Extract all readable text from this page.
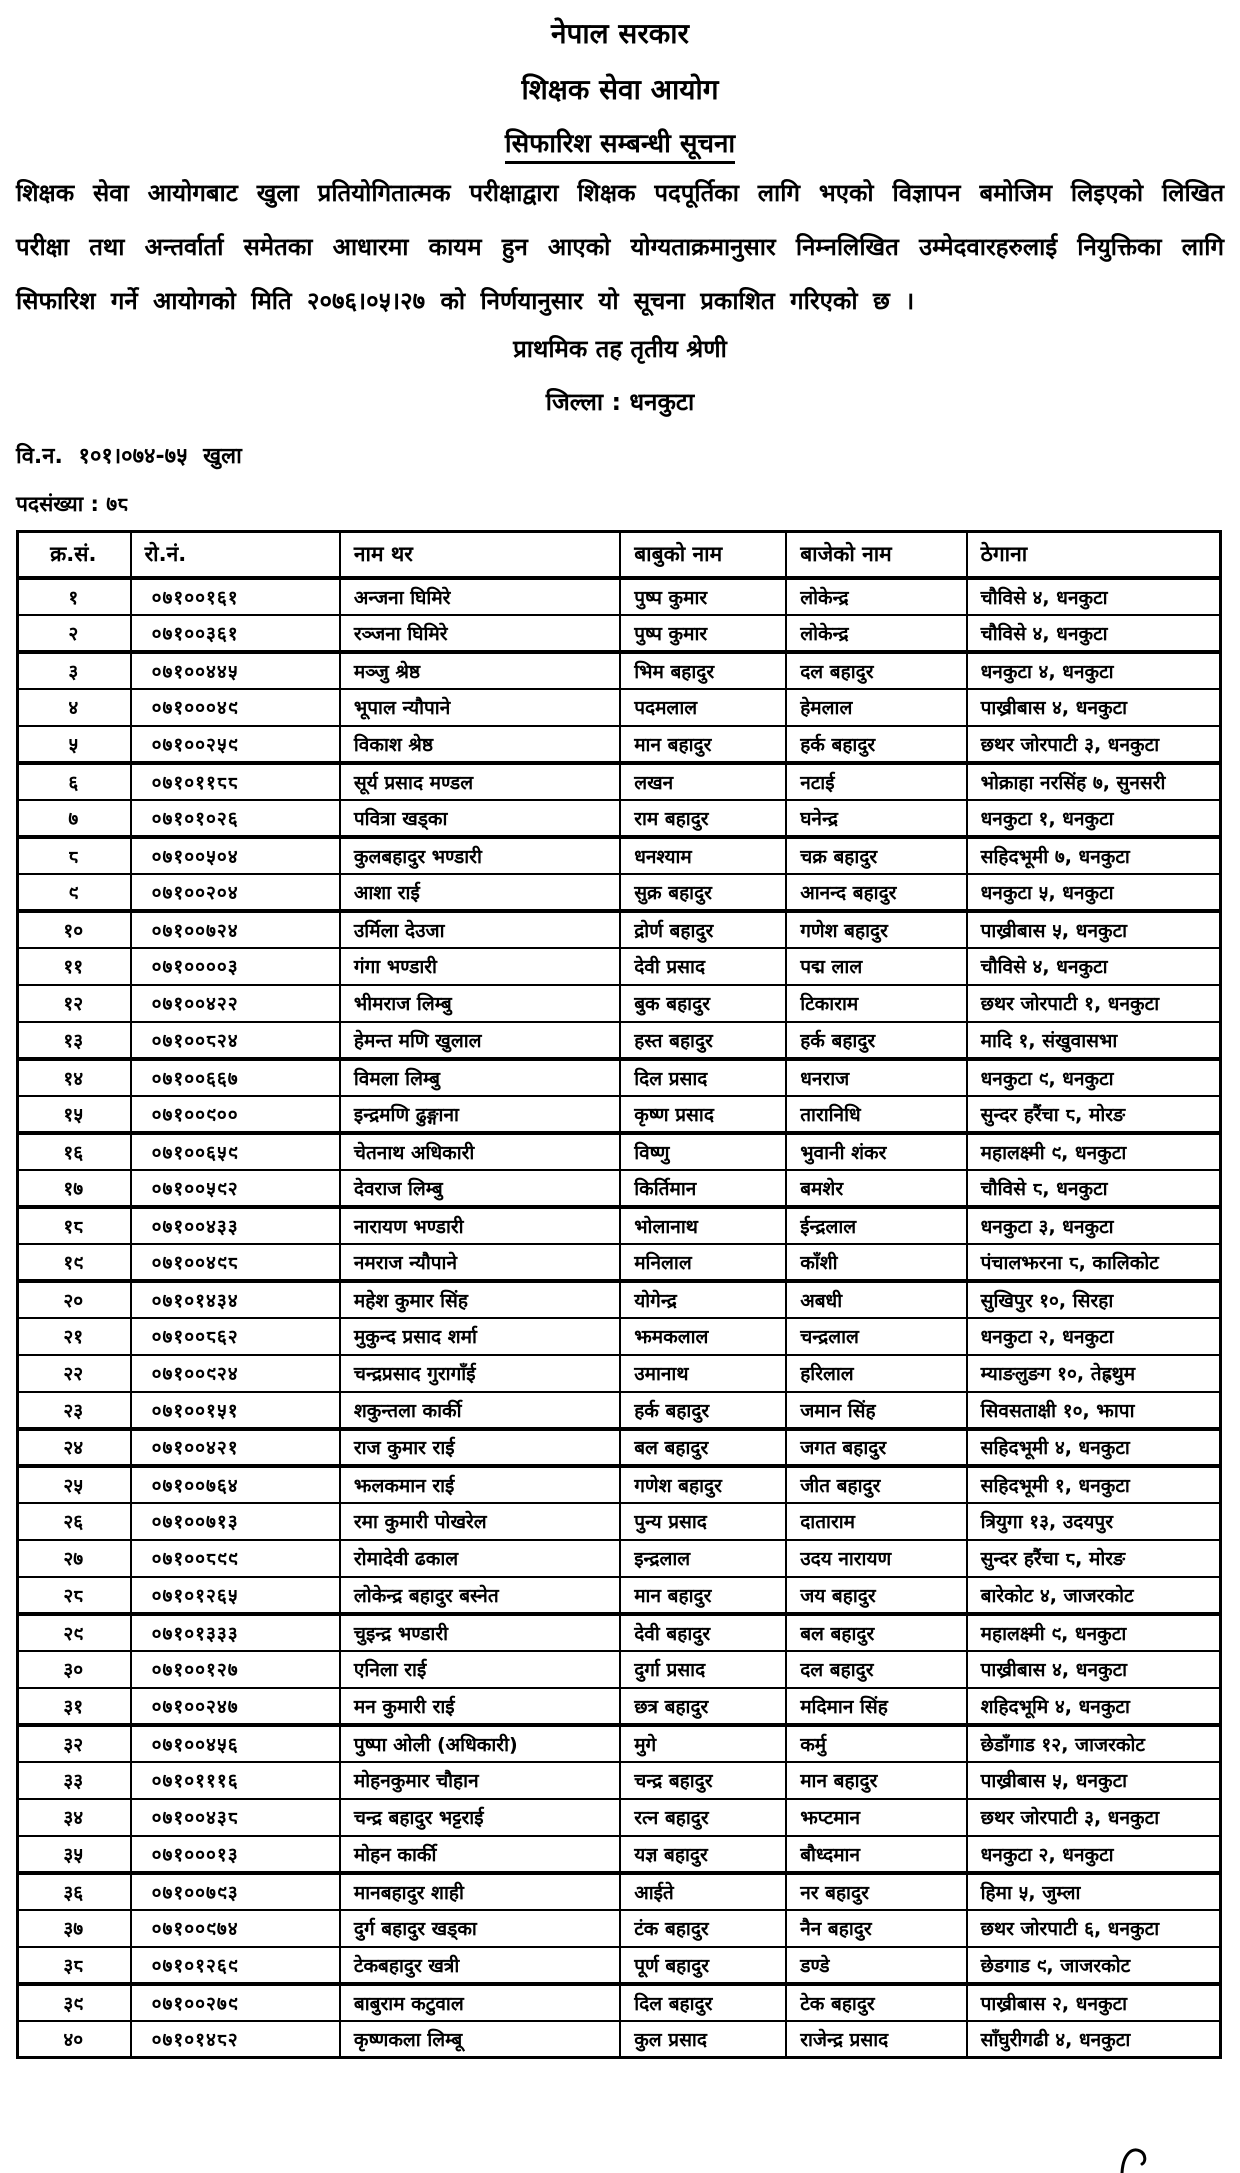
नेपाल सरकार
शिक्षक सेवा आयोग
सिफारिश सम्बन्धी सूचना

शिक्षक सेवा आयोगबाट खुला प्रतियोगितात्मक परीक्षाद्वारा शिक्षक पदपूर्तिका लागि भएको विज्ञापन बमोजिम लिइएको लिखित परीक्षा तथा अन्तर्वार्ता समेतका आधारमा कायम हुन आएको योग्यताक्रमानुसार निम्नलिखित उम्मेदवारहरुलाई नियुक्तिका लागि सिफारिश गर्ने आयोगको मिति २०७६।०५।२७ को निर्णयानुसार यो सूचना प्रकाशित गरिएको छ ।

प्राथमिक तह तृतीय श्रेणी
जिल्ला : धनकुटा
वि.न. १०१।०७४-७५ खुला
पदसंख्या : ७८
क्र.सं.	रो.नं.	नाम थर	बाबुको नाम	बाजेको नाम	ठेगाना
१	०७१००१६१	अन्जना घिमिरे	पुष्प कुमार	लोकेन्द्र	चौविसे ४, धनकुटा
२	०७१००३६१	रञ्जना घिमिरे	पुष्प कुमार	लोकेन्द्र	चौविसे ४, धनकुटा
३	०७१००४४५	मञ्जु श्रेष्ठ	भिम बहादुर	दल बहादुर	धनकुटा ४, धनकुटा
४	०७१०००४९	भूपाल न्यौपाने	पदमलाल	हेमलाल	पाख्रीबास ४, धनकुटा
५	०७१००२५९	विकाश श्रेष्ठ	मान बहादुर	हर्क बहादुर	छथर जोरपाटी ३, धनकुटा
६	०७१०११८८	सूर्य प्रसाद मण्डल	लखन	नटाई	भोक्राहा नरसिंह ७, सुनसरी
७	०७१०१०२६	पवित्रा खड्का	राम बहादुर	घनेन्द्र	धनकुटा १, धनकुटा
८	०७१००५०४	कुलबहादुर भण्डारी	धनश्याम	चक्र बहादुर	सहिदभूमी ७, धनकुटा
९	०७१००२०४	आशा राई	सुक्र बहादुर	आनन्द बहादुर	धनकुटा ५, धनकुटा
१०	०७१००७२४	उर्मिला देउजा	द्रोर्ण बहादुर	गणेश बहादुर	पाख्रीबास ५, धनकुटा
११	०७१००००३	गंगा भण्डारी	देवी प्रसाद	पद्म लाल	चौविसे ४, धनकुटा
१२	०७१००४२२	भीमराज लिम्बु	बुक बहादुर	टिकाराम	छथर जोरपाटी १, धनकुटा
१३	०७१००८२४	हेमन्त मणि खुलाल	हस्त बहादुर	हर्क बहादुर	मादि १, संखुवासभा
१४	०७१००६६७	विमला लिम्बु	दिल प्रसाद	धनराज	धनकुटा ९, धनकुटा
१५	०७१००९००	इन्द्रमणि ढुङ्गाना	कृष्ण प्रसाद	तारानिधि	सुन्दर हरैंचा ८, मोरङ
१६	०७१००६५९	चेतनाथ अधिकारी	विष्णु	भुवानी शंकर	महालक्ष्मी ९, धनकुटा
१७	०७१००५९२	देवराज लिम्बु	किर्तिमान	बमशेर	चौविसे ८, धनकुटा
१८	०७१००४३३	नारायण भण्डारी	भोलानाथ	ईन्द्रलाल	धनकुटा ३, धनकुटा
१९	०७१००४९८	नमराज न्यौपाने	मनिलाल	काँशी	पंचालझरना ८, कालिकोट
२०	०७१०१४३४	महेश कुमार सिंह	योगेन्द्र	अबधी	सुखिपुर १०, सिरहा
२१	०७१००८६२	मुकुन्द प्रसाद शर्मा	झमकलाल	चन्द्रलाल	धनकुटा २, धनकुटा
२२	०७१००९२४	चन्द्रप्रसाद गुरागाँई	उमानाथ	हरिलाल	म्याङलुङग १०, तेह्रथुम
२३	०७१००१५१	शकुन्तला कार्की	हर्क बहादुर	जमान सिंह	सिवसताक्षी १०, झापा
२४	०७१००४२१	राज कुमार राई	बल बहादुर	जगत बहादुर	सहिदभूमी ४, धनकुटा
२५	०७१००७६४	झलकमान राई	गणेश बहादुर	जीत बहादुर	सहिदभूमी १, धनकुटा
२६	०७१००७१३	रमा कुमारी पोखरेल	पुन्य प्रसाद	दाताराम	त्रियुगा १३, उदयपुर
२७	०७१००८९९	रोमादेवी ढकाल	इन्द्रलाल	उदय नारायण	सुन्दर हरैंचा ८, मोरङ
२८	०७१०१२६५	लोकेन्द्र बहादुर बस्नेत	मान बहादुर	जय बहादुर	बारेकोट ४, जाजरकोट
२९	०७१०१३३३	चुइन्द्र भण्डारी	देवी बहादुर	बल बहादुर	महालक्ष्मी ९, धनकुटा
३०	०७१००१२७	एनिला राई	दुर्गा प्रसाद	दल बहादुर	पाख्रीबास ४, धनकुटा
३१	०७१००२४७	मन कुमारी राई	छत्र बहादुर	मदिमान सिंह	शहिदभूमि ४, धनकुटा
३२	०७१००४५६	पुष्पा ओली (अधिकारी)	मुगे	कर्मु	छेडाँगाड १२, जाजरकोट
३३	०७१०१११६	मोहनकुमार चौहान	चन्द्र बहादुर	मान बहादुर	पाख्रीबास ५, धनकुटा
३४	०७१००४३८	चन्द्र बहादुर भट्टराई	रत्न बहादुर	झप्टमान	छथर जोरपाटी ३, धनकुटा
३५	०७१०००१३	मोहन कार्की	यज्ञ बहादुर	बौध्दमान	धनकुटा २, धनकुटा
३६	०७१००७९३	मानबहादुर शाही	आईते	नर बहादुर	हिमा ५, जुम्ला
३७	०७१००९७४	दुर्ग बहादुर खड्का	टंक बहादुर	नैन बहादुर	छथर जोरपाटी ६, धनकुटा
३८	०७१०१२६९	टेकबहादुर खत्री	पूर्ण बहादुर	डण्डे	छेडगाड ९, जाजरकोट
३९	०७१००२७९	बाबुराम कटुवाल	दिल बहादुर	टेक बहादुर	पाख्रीबास २, धनकुटा
४०	०७१०१४८२	कृष्णकला लिम्बू	कुल प्रसाद	राजेन्द्र प्रसाद	साँघुरीगढी ४, धनकुटा
